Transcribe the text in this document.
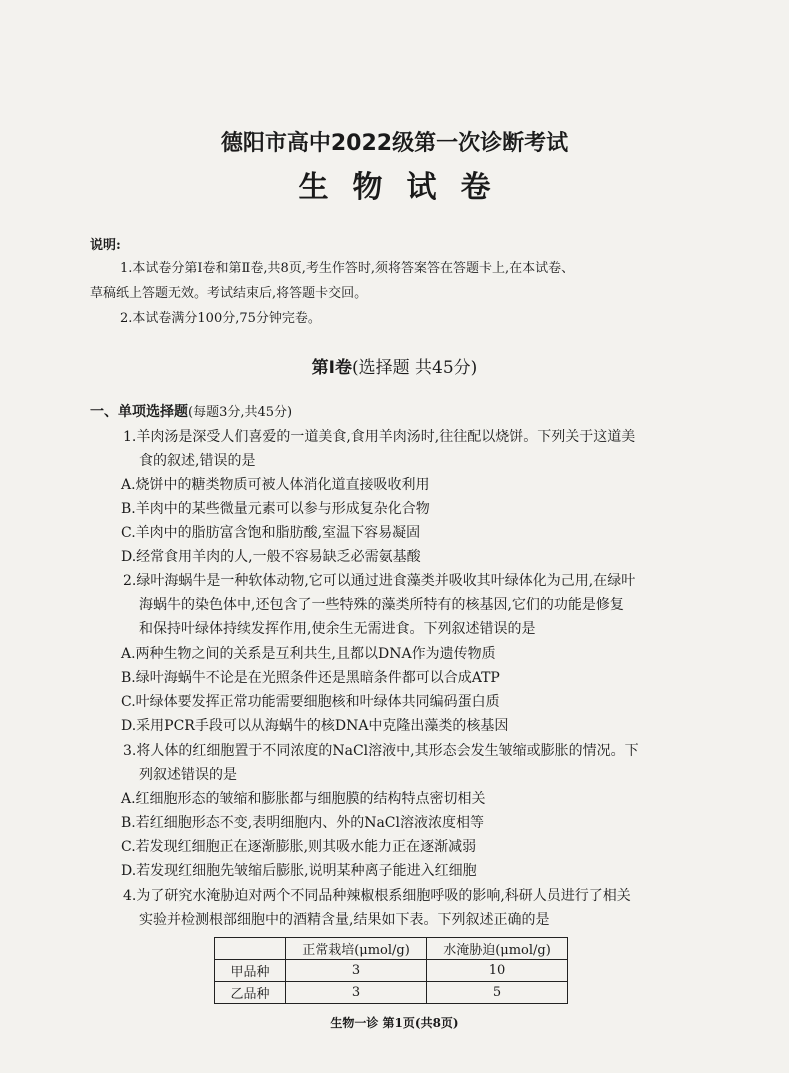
德阳市高中2022级第一次诊断考试
生物试卷
说明:
1.本试卷分第Ⅰ卷和第Ⅱ卷,共8页,考生作答时,须将答案答在答题卡上,在本试卷、
草稿纸上答题无效。考试结束后,将答题卡交回。
2.本试卷满分100分,75分钟完卷。
第Ⅰ卷(选择题 共45分)
一、单项选择题(每题3分,共45分)
1.羊肉汤是深受人们喜爱的一道美食,食用羊肉汤时,往往配以烧饼。下列关于这道美
食的叙述,错误的是
A.烧饼中的糖类物质可被人体消化道直接吸收利用
B.羊肉中的某些微量元素可以参与形成复杂化合物
C.羊肉中的脂肪富含饱和脂肪酸,室温下容易凝固
D.经常食用羊肉的人,一般不容易缺乏必需氨基酸
2.绿叶海蜗牛是一种软体动物,它可以通过进食藻类并吸收其叶绿体化为己用,在绿叶
海蜗牛的染色体中,还包含了一些特殊的藻类所特有的核基因,它们的功能是修复
和保持叶绿体持续发挥作用,使余生无需进食。下列叙述错误的是
A.两种生物之间的关系是互利共生,且都以DNA作为遗传物质
B.绿叶海蜗牛不论是在光照条件还是黑暗条件都可以合成ATP
C.叶绿体要发挥正常功能需要细胞核和叶绿体共同编码蛋白质
D.采用PCR手段可以从海蜗牛的核DNA中克隆出藻类的核基因
3.将人体的红细胞置于不同浓度的NaCl溶液中,其形态会发生皱缩或膨胀的情况。下
列叙述错误的是
A.红细胞形态的皱缩和膨胀都与细胞膜的结构特点密切相关
B.若红细胞形态不变,表明细胞内、外的NaCl溶液浓度相等
C.若发现红细胞正在逐渐膨胀,则其吸水能力正在逐渐减弱
D.若发现红细胞先皱缩后膨胀,说明某种离子能进入红细胞
4.为了研究水淹胁迫对两个不同品种辣椒根系细胞呼吸的影响,科研人员进行了相关
实验并检测根部细胞中的酒精含量,结果如下表。下列叙述正确的是
	正常栽培(μmol/g)	水淹胁迫(μmol/g)
甲品种	3	10
乙品种	3	5
生物一诊 第1页(共8页)
